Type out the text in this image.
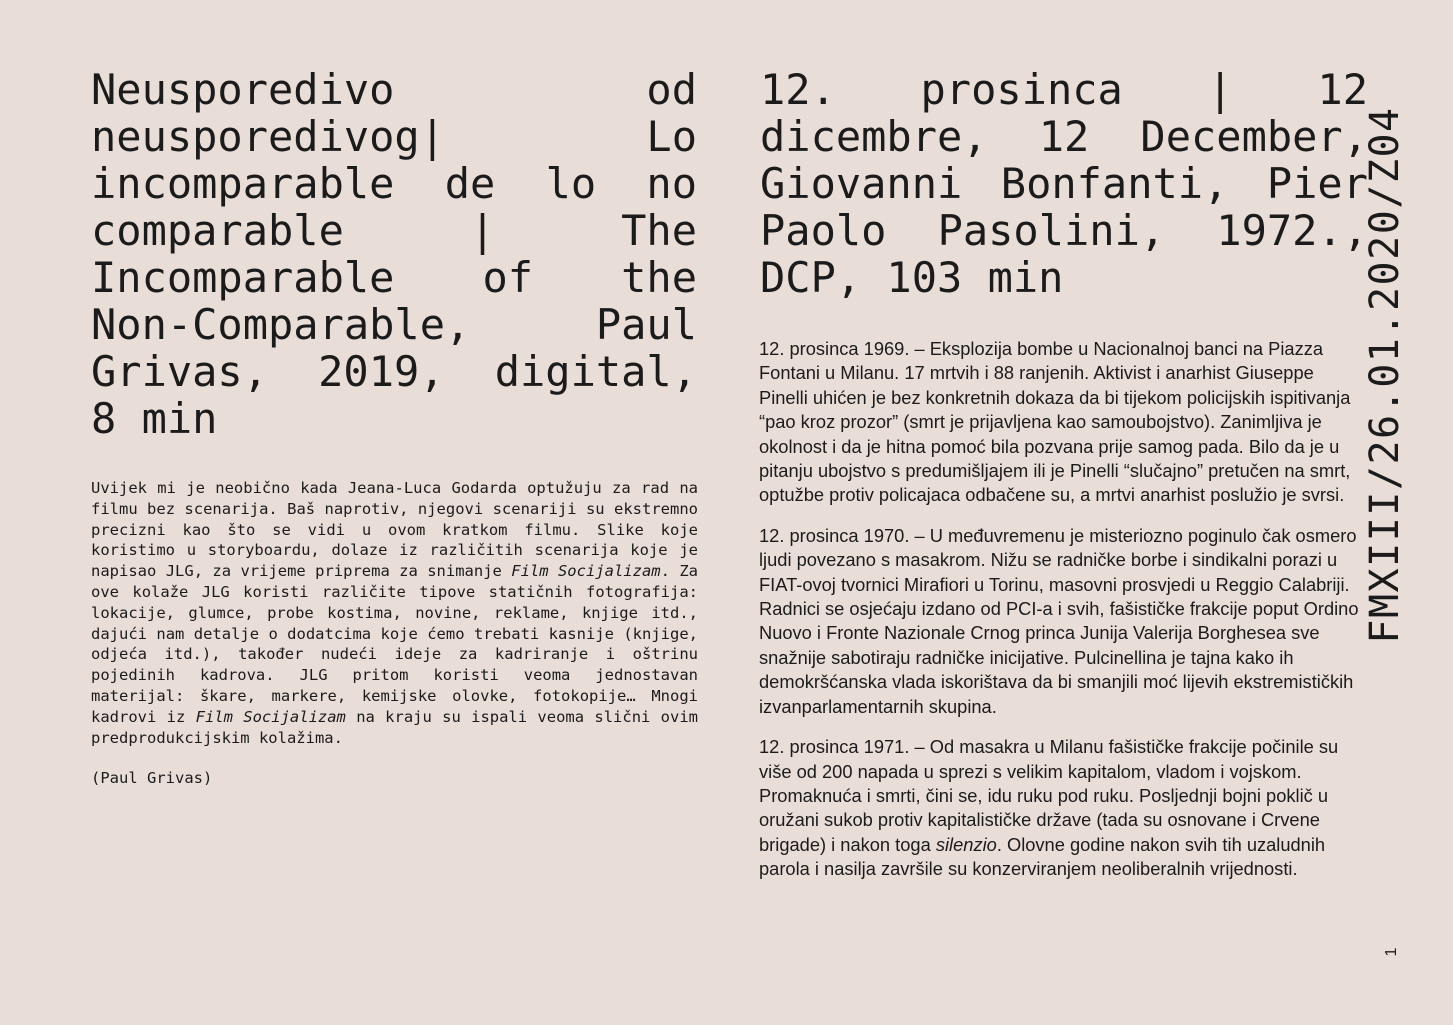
Neusporedivo od neusporedivog| Lo incomparable de lo no comparable | The Incomparable of the Non-Comparable, Paul Grivas, 2019, digital, 8 min
12. prosinca | 12 dicembre, 12 December, Giovanni Bonfanti, Pier Paolo Pasolini, 1972., DCP, 103 min

Uvijek mi je neobično kada Jeana-Luca Godarda optužuju za rad na filmu bez scenarija. Baš naprotiv, njegovi scenariji su ekstremno precizni kao što se vidi u ovom kratkom filmu. Slike koje koristimo u storyboardu, dolaze iz različitih scenarija koje je napisao JLG, za vrijeme priprema za snimanje Film Socijalizam. Za ove kolaže JLG koristi različite tipove statičnih fotografija: lokacije, glumce, probe kostima, novine, reklame, knjige itd., dajući nam detalje o dodatcima koje ćemo trebati kasnije (knjige, odjeća itd.), također nudeći ideje za kadriranje i oštrinu pojedinih kadrova. JLG pritom koristi veoma jednostavan materijal: škare, markere, kemijske olovke, fotokopije… Mnogi kadrovi iz Film Socijalizam na kraju su ispali veoma slični ovim predprodukcijskim kolažima.

(Paul Grivas)

12. prosinca 1969. – Eksplozija bombe u Nacionalnoj banci na Piazza Fontani u Milanu. 17 mrtvih i 88 ranjenih. Aktivist i anarhist Giuseppe Pinelli uhićen je bez konkretnih dokaza da bi tijekom policijskih ispitivanja “pao kroz prozor” (smrt je prijavljena kao samoubojstvo). Zanimljiva je okolnost i da je hitna pomoć bila pozvana prije samog pada. Bilo da je u pitanju ubojstvo s predumišljajem ili je Pinelli “slučajno” pretučen na smrt, optužbe protiv policajaca odbačene su, a mrtvi anarhist poslužio je svrsi.

12. prosinca 1970. – U međuvremenu je misteriozno poginulo čak osmero ljudi povezano s masakrom. Nižu se radničke borbe i sindikalni porazi u FIAT-ovoj tvornici Mirafiori u Torinu, masovni prosvjedi u Reggio Calabriji. Radnici se osjećaju izdano od PCI-a i svih, fašističke frakcije poput Ordino Nuovo i Fronte Nazionale Crnog princa Junija Valerija Borghesea sve snažnije sabotiraju radničke inicijative. Pulcinellina je tajna kako ih demokršćanska vlada iskorištava da bi smanjili moć lijevih ekstremističkih izvanparlamentarnih skupina.

12. prosinca 1971. – Od masakra u Milanu fašističke frakcije počinile su više od 200 napada u sprezi s velikim kapitalom, vladom i vojskom. Promaknuća i smrti, čini se, idu ruku pod ruku. Posljednji bojni poklič u oružani sukob protiv kapitalističke države (tada su osnovane i Crvene brigade) i nakon toga silenzio. Olovne godine nakon svih tih uzaludnih parola i nasilja završile su konzerviranjem neoliberalnih vrijednosti.

FMXIII/26.01.2020/Z04
1
